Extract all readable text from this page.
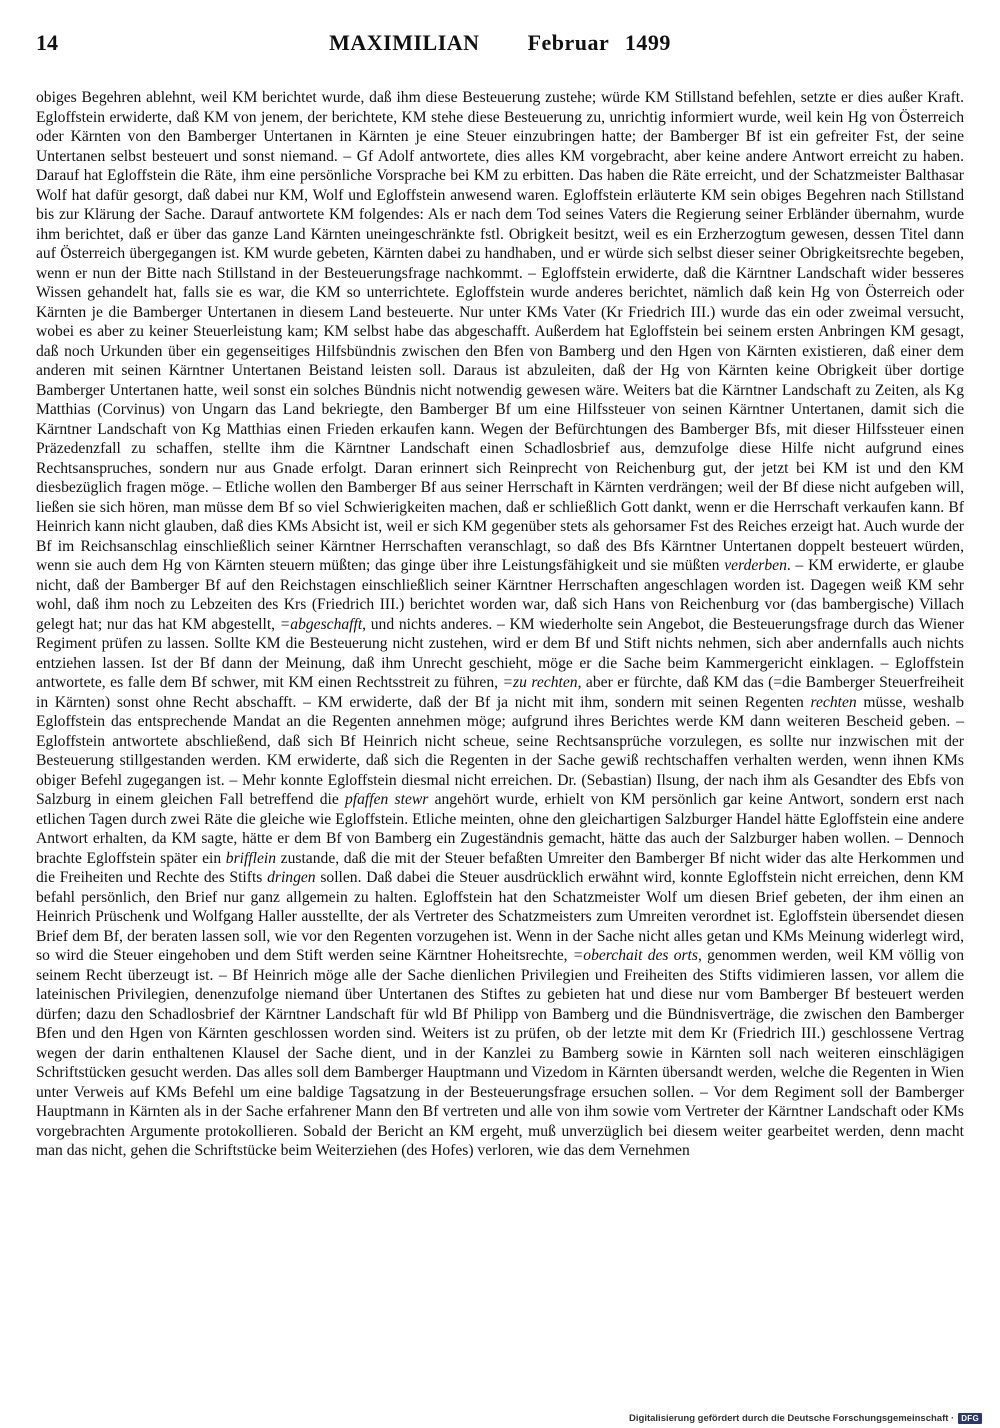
14	MAXIMILIAN   Februar 1499

obiges Begehren ablehnt, weil KM berichtet wurde, daß ihm diese Besteuerung zustehe; würde KM Stillstand befehlen, setzte er dies außer Kraft. Egloffstein erwiderte, daß KM von jenem, der berichtete, KM stehe diese Besteuerung zu, unrichtig informiert wurde, weil kein Hg von Österreich oder Kärnten von den Bamberger Untertanen in Kärnten je eine Steuer einzubringen hatte; der Bamberger Bf ist ein gefreiter Fst, der seine Untertanen selbst besteuert und sonst niemand. – Gf Adolf antwortete, dies alles KM vorgebracht, aber keine andere Antwort erreicht zu haben. Darauf hat Egloffstein die Räte, ihm eine persönliche Vorsprache bei KM zu erbitten. Das haben die Räte erreicht, und der Schatzmeister Balthasar Wolf hat dafür gesorgt, daß dabei nur KM, Wolf und Egloffstein anwesend waren. Egloffstein erläuterte KM sein obiges Begehren nach Stillstand bis zur Klärung der Sache. Darauf antwortete KM folgendes: Als er nach dem Tod seines Vaters die Regierung seiner Erbländer übernahm, wurde ihm berichtet, daß er über das ganze Land Kärnten uneingeschränkte fstl. Obrigkeit besitzt, weil es ein Erzherzogtum gewesen, dessen Titel dann auf Österreich übergegangen ist. KM wurde gebeten, Kärnten dabei zu handhaben, und er würde sich selbst dieser seiner Obrigkeitsrechte begeben, wenn er nun der Bitte nach Stillstand in der Besteuerungsfrage nachkommt. – Egloffstein erwiderte, daß die Kärntner Landschaft wider besseres Wissen gehandelt hat, falls sie es war, die KM so unterrichtete. Egloffstein wurde anderes berichtet, nämlich daß kein Hg von Österreich oder Kärnten je die Bamberger Untertanen in diesem Land besteuerte. Nur unter KMs Vater (Kr Friedrich III.) wurde das ein oder zweimal versucht, wobei es aber zu keiner Steuerleistung kam; KM selbst habe das abgeschafft. Außerdem hat Egloffstein bei seinem ersten Anbringen KM gesagt, daß noch Urkunden über ein gegenseitiges Hilfsbündnis zwischen den Bfen von Bamberg und den Hgen von Kärnten existieren, daß einer dem anderen mit seinen Kärntner Untertanen Beistand leisten soll. Daraus ist abzuleiten, daß der Hg von Kärnten keine Obrigkeit über dortige Bamberger Untertanen hatte, weil sonst ein solches Bündnis nicht notwendig gewesen wäre. Weiters bat die Kärntner Landschaft zu Zeiten, als Kg Matthias (Corvinus) von Ungarn das Land bekriegte, den Bamberger Bf um eine Hilfssteuer von seinen Kärntner Untertanen, damit sich die Kärntner Landschaft von Kg Matthias einen Frieden erkaufen kann. Wegen der Befürchtungen des Bamberger Bfs, mit dieser Hilfssteuer einen Präzedenzfall zu schaffen, stellte ihm die Kärntner Landschaft einen Schadlosbrief aus, demzufolge diese Hilfe nicht aufgrund eines Rechtsanspruches, sondern nur aus Gnade erfolgt. Daran erinnert sich Reinprecht von Reichenburg gut, der jetzt bei KM ist und den KM diesbezüglich fragen möge. – Etliche wollen den Bamberger Bf aus seiner Herrschaft in Kärnten verdrängen; weil der Bf diese nicht aufgeben will, ließen sie sich hören, man müsse dem Bf so viel Schwierigkeiten machen, daß er schließlich Gott dankt, wenn er die Herrschaft verkaufen kann. Bf Heinrich kann nicht glauben, daß dies KMs Absicht ist, weil er sich KM gegenüber stets als gehorsamer Fst des Reiches erzeigt hat. Auch wurde der Bf im Reichsanschlag einschließlich seiner Kärntner Herrschaften veranschlagt, so daß des Bfs Kärntner Untertanen doppelt besteuert würden, wenn sie auch dem Hg von Kärnten steuern müßten; das ginge über ihre Leistungsfähigkeit und sie müßten verderben. – KM erwiderte, er glaube nicht, daß der Bamberger Bf auf den Reichstagen einschließlich seiner Kärntner Herrschaften angeschlagen worden ist. Dagegen weiß KM sehr wohl, daß ihm noch zu Lebzeiten des Krs (Friedrich III.) berichtet worden war, daß sich Hans von Reichenburg vor (das bambergische) Villach gelegt hat; nur das hat KM abgestellt, =abgeschafft, und nichts anderes. – KM wiederholte sein Angebot, die Besteuerungsfrage durch das Wiener Regiment prüfen zu lassen. Sollte KM die Besteuerung nicht zustehen, wird er dem Bf und Stift nichts nehmen, sich aber andernfalls auch nichts entziehen lassen. Ist der Bf dann der Meinung, daß ihm Unrecht geschieht, möge er die Sache beim Kammergericht einklagen. – Egloffstein antwortete, es falle dem Bf schwer, mit KM einen Rechtsstreit zu führen, =zu rechten, aber er fürchte, daß KM das (=die Bamberger Steuerfreiheit in Kärnten) sonst ohne Recht abschafft. – KM erwiderte, daß der Bf ja nicht mit ihm, sondern mit seinen Regenten rechten müsse, weshalb Egloffstein das entsprechende Mandat an die Regenten annehmen möge; aufgrund ihres Berichtes werde KM dann weiteren Bescheid geben. – Egloffstein antwortete abschließend, daß sich Bf Heinrich nicht scheue, seine Rechtsansprüche vorzulegen, es sollte nur inzwischen mit der Besteuerung stillgestanden werden. KM erwiderte, daß sich die Regenten in der Sache gewiß rechtschaffen verhalten werden, wenn ihnen KMs obiger Befehl zugegangen ist. – Mehr konnte Egloffstein diesmal nicht erreichen. Dr. (Sebastian) Ilsung, der nach ihm als Gesandter des Ebfs von Salzburg in einem gleichen Fall betreffend die pfaffen stewr angehört wurde, erhielt von KM persönlich gar keine Antwort, sondern erst nach etlichen Tagen durch zwei Räte die gleiche wie Egloffstein. Etliche meinten, ohne den gleichartigen Salzburger Handel hätte Egloffstein eine andere Antwort erhalten, da KM sagte, hätte er dem Bf von Bamberg ein Zugeständnis gemacht, hätte das auch der Salzburger haben wollen. – Dennoch brachte Egloffstein später ein brifflein zustande, daß die mit der Steuer befaßten Umreiter den Bamberger Bf nicht wider das alte Herkommen und die Freiheiten und Rechte des Stifts dringen sollen. Daß dabei die Steuer ausdrücklich erwähnt wird, konnte Egloffstein nicht erreichen, denn KM befahl persönlich, den Brief nur ganz allgemein zu halten. Egloffstein hat den Schatzmeister Wolf um diesen Brief gebeten, der ihm einen an Heinrich Prüschenk und Wolfgang Haller ausstellte, der als Vertreter des Schatzmeisters zum Umreiten verordnet ist. Egloffstein übersendet diesen Brief dem Bf, der beraten lassen soll, wie vor den Regenten vorzugehen ist. Wenn in der Sache nicht alles getan und KMs Meinung widerlegt wird, so wird die Steuer eingehoben und dem Stift werden seine Kärntner Hoheitsrechte, =oberchait des orts, genommen werden, weil KM völlig von seinem Recht überzeugt ist. – Bf Heinrich möge alle der Sache dienlichen Privilegien und Freiheiten des Stifts vidimieren lassen, vor allem die lateinischen Privilegien, denenzufolge niemand über Untertanen des Stiftes zu gebieten hat und diese nur vom Bamberger Bf besteuert werden dürfen; dazu den Schadlosbrief der Kärntner Landschaft für wld Bf Philipp von Bamberg und die Bündnisverträge, die zwischen den Bamberger Bfen und den Hgen von Kärnten geschlossen worden sind. Weiters ist zu prüfen, ob der letzte mit dem Kr (Friedrich III.) geschlossene Vertrag wegen der darin enthaltenen Klausel der Sache dient, und in der Kanzlei zu Bamberg sowie in Kärnten soll nach weiteren einschlägigen Schriftstücken gesucht werden. Das alles soll dem Bamberger Hauptmann und Vizedom in Kärnten übersandt werden, welche die Regenten in Wien unter Verweis auf KMs Befehl um eine baldige Tagsatzung in der Besteuerungsfrage ersuchen sollen. – Vor dem Regiment soll der Bamberger Hauptmann in Kärnten als in der Sache erfahrener Mann den Bf vertreten und alle von ihm sowie vom Vertreter der Kärntner Landschaft oder KMs vorgebrachten Argumente protokollieren. Sobald der Bericht an KM ergeht, muß unverzüglich bei diesem weiter gearbeitet werden, denn macht man das nicht, gehen die Schriftstücke beim Weiterziehen (des Hofes) verloren, wie das dem Vernehmen

Digitalisierung gefördert durch die Deutsche Forschungsgemeinschaft · DFG
